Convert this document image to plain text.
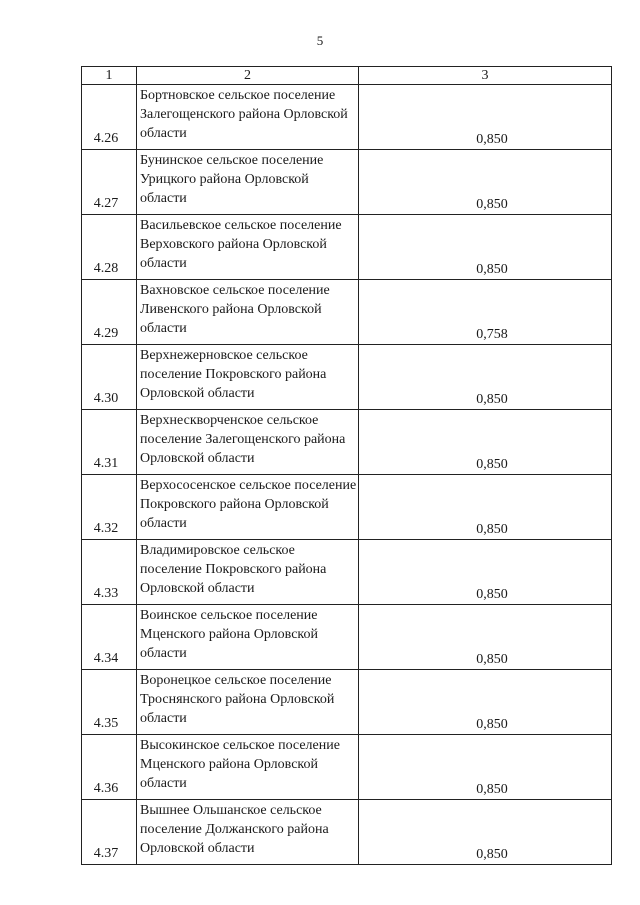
5
1	2	3
4.26	Бортновское сельское поселение Залегощенского района Орловской области	0,850
4.27	Бунинское сельское поселение Урицкого района Орловской области	0,850
4.28	Васильевское сельское поселение Верховского района Орловской области	0,850
4.29	Вахновское сельское поселение Ливенского района Орловской области	0,758
4.30	Верхнежерновское сельское поселение Покровского района Орловской области	0,850
4.31	Верхнескворченское сельское поселение Залегощенского района Орловской области	0,850
4.32	Верхососенское сельское поселение Покровского района Орловской области	0,850
4.33	Владимировское сельское поселение Покровского района Орловской области	0,850
4.34	Воинское сельское поселение Мценского района Орловской области	0,850
4.35	Воронецкое сельское поселение Троснянского района Орловской области	0,850
4.36	Высокинское сельское поселение Мценского района Орловской области	0,850
4.37	Вышнее Ольшанское сельское поселение Должанского района Орловской области	0,850
